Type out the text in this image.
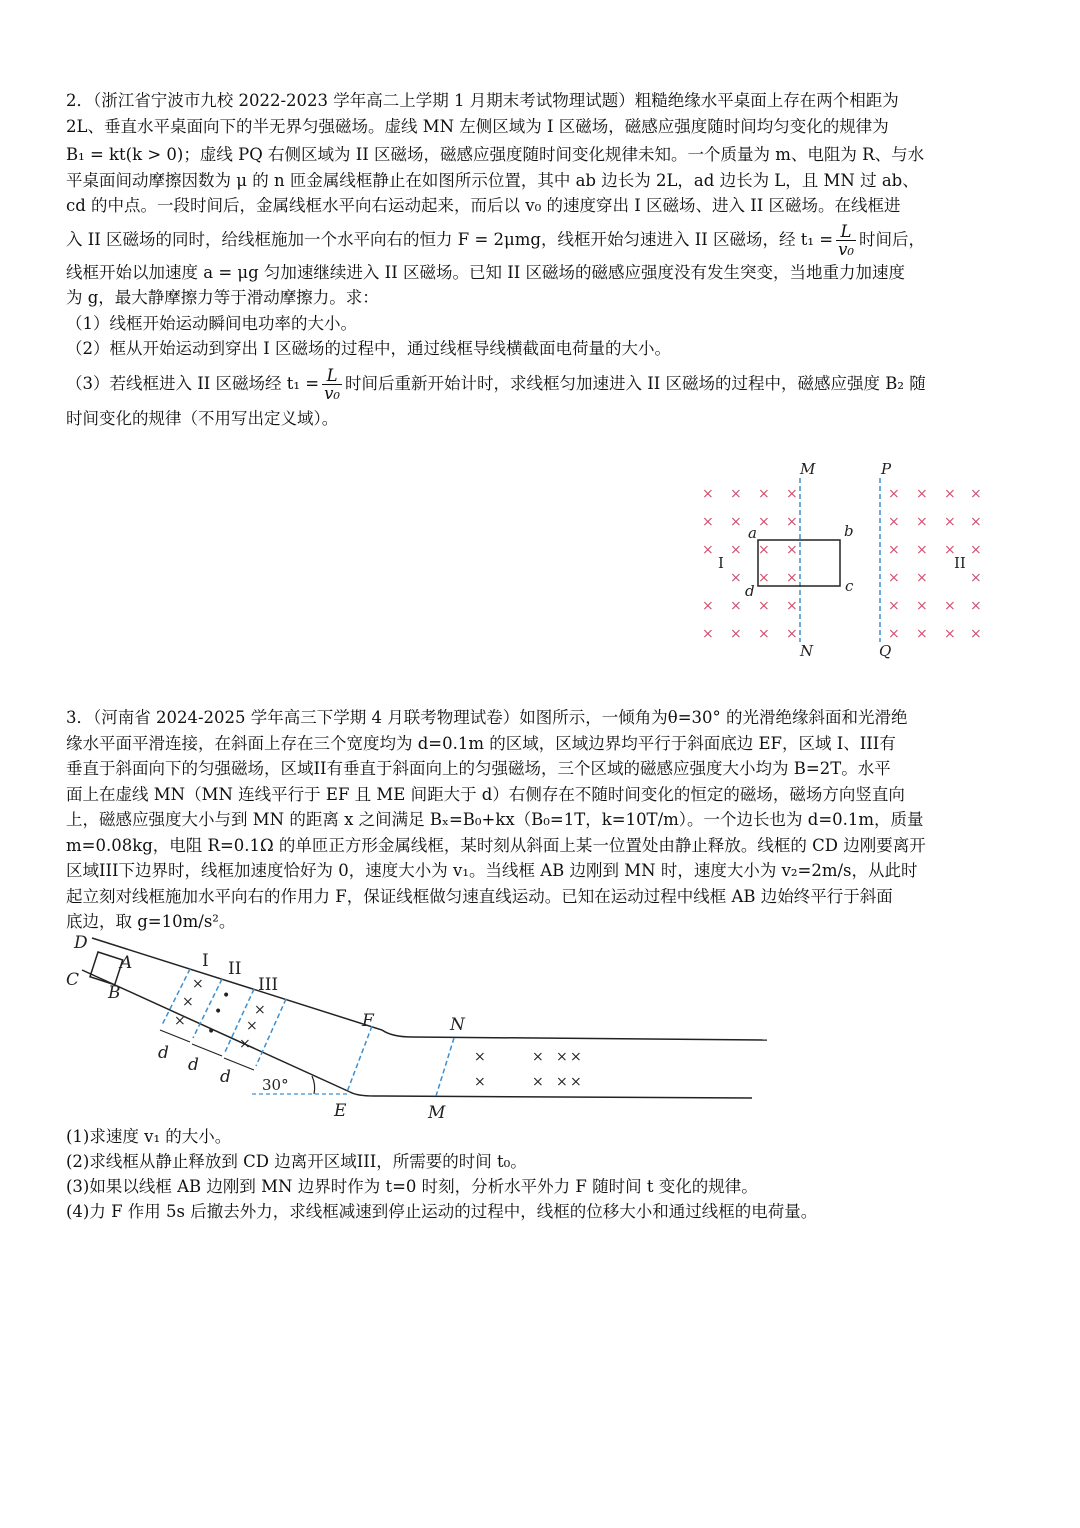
2．（浙江省宁波市九校 2022-2023 学年高二上学期 1 月期末考试物理试题）粗糙绝缘水平桌面上存在两个相距为

2L、垂直水平桌面向下的半无界匀强磁场。虚线 MN 左侧区域为 I 区磁场，磁感应强度随时间均匀变化的规律为

B₁ = kt(k > 0)；虚线 PQ 右侧区域为 II 区磁场，磁感应强度随时间变化规律未知。一个质量为 m、电阻为 R、与水

平桌面间动摩擦因数为 μ 的 n 匝金属线框静止在如图所示位置，其中 ab 边长为 2L，ad 边长为 L，且 MN 过 ab、

cd 的中点。一段时间后，金属线框水平向右运动起来，而后以 v₀ 的速度穿出 I 区磁场、进入 II 区磁场。在线框进

入 II 区磁场的同时，给线框施加一个水平向右的恒力 F = 2μmg，线框开始匀速进入 II 区磁场，经 $t_1 = \frac{L}{\text{v₀}}$ 时间后，

线框开始以加速度 a = μg 匀加速继续进入 II 区磁场。已知 II 区磁场的磁感应强度没有发生突变，当地重力加速度

为 g，最大静摩擦力等于滑动摩擦力。求：

（1）线框开始运动瞬间电功率的大小。

（2）框从开始运动到穿出 I 区磁场的过程中，通过线框导线横截面电荷量的大小。

（3）若线框进入 II 区磁场经 $t_1 = \frac{L}{\text{v₀}}$ 时间后重新开始计时，求线框匀加速进入 II 区磁场的过程中，磁感应强度 B₂ 随

时间变化的规律（不用写出定义域）。

× × × ×
× × × ×
× × × ×
× × ×
× × × ×
× × × ×
× × × ×
× × × ×
× × × ×
× ×	×
× × × ×
× × × ×
M	P
N	Q
a	b
c
d
I	II

3．（河南省 2024-2025 学年高三下学期 4 月联考物理试卷）如图所示，一倾角为θ=30° 的光滑绝缘斜面和光滑绝

缘水平面平滑连接，在斜面上存在三个宽度均为 d=0.1m 的区域，区域边界均平行于斜面底边 EF，区域 I、III有

垂直于斜面向下的匀强磁场，区域II有垂直于斜面向上的匀强磁场，三个区域的磁感应强度大小均为 B=2T。水平

面上在虚线 MN（MN 连线平行于 EF 且 ME 间距大于 d）右侧存在不随时间变化的恒定的磁场，磁场方向竖直向

上，磁感应强度大小与到 MN 的距离 x 之间满足 Bₓ=B₀+kx（B₀=1T，k=10T/m）。一个边长也为 d=0.1m，质量

m=0.08kg，电阻 R=0.1Ω 的单匝正方形金属线框，某时刻从斜面上某一位置处由静止释放。线框的 CD 边刚要离开

区域III下边界时，线框加速度恰好为 0，速度大小为 v₁。当线框 AB 边刚到 MN 时，速度大小为 v₂=2m/s，从此时

起立刻对线框施加水平向右的作用力 F，保证线框做匀速直线运动。已知在运动过程中线框 AB 边始终平行于斜面

底边，取 g=10m/s²。

×
×
×
•
•
•
×
×
×
×	× × ×
×	× × ×
D
C
A
B
F	N
E	M
d
d
d
I II
III
30°

(1)求速度 v₁ 的大小。

(2)求线框从静止释放到 CD 边离开区域III，所需要的时间 t₀。

(3)如果以线框 AB 边刚到 MN 边界时作为 t=0 时刻，分析水平外力 F 随时间 t 变化的规律。

(4)力 F 作用 5s 后撤去外力，求线框减速到停止运动的过程中，线框的位移大小和通过线框的电荷量。
